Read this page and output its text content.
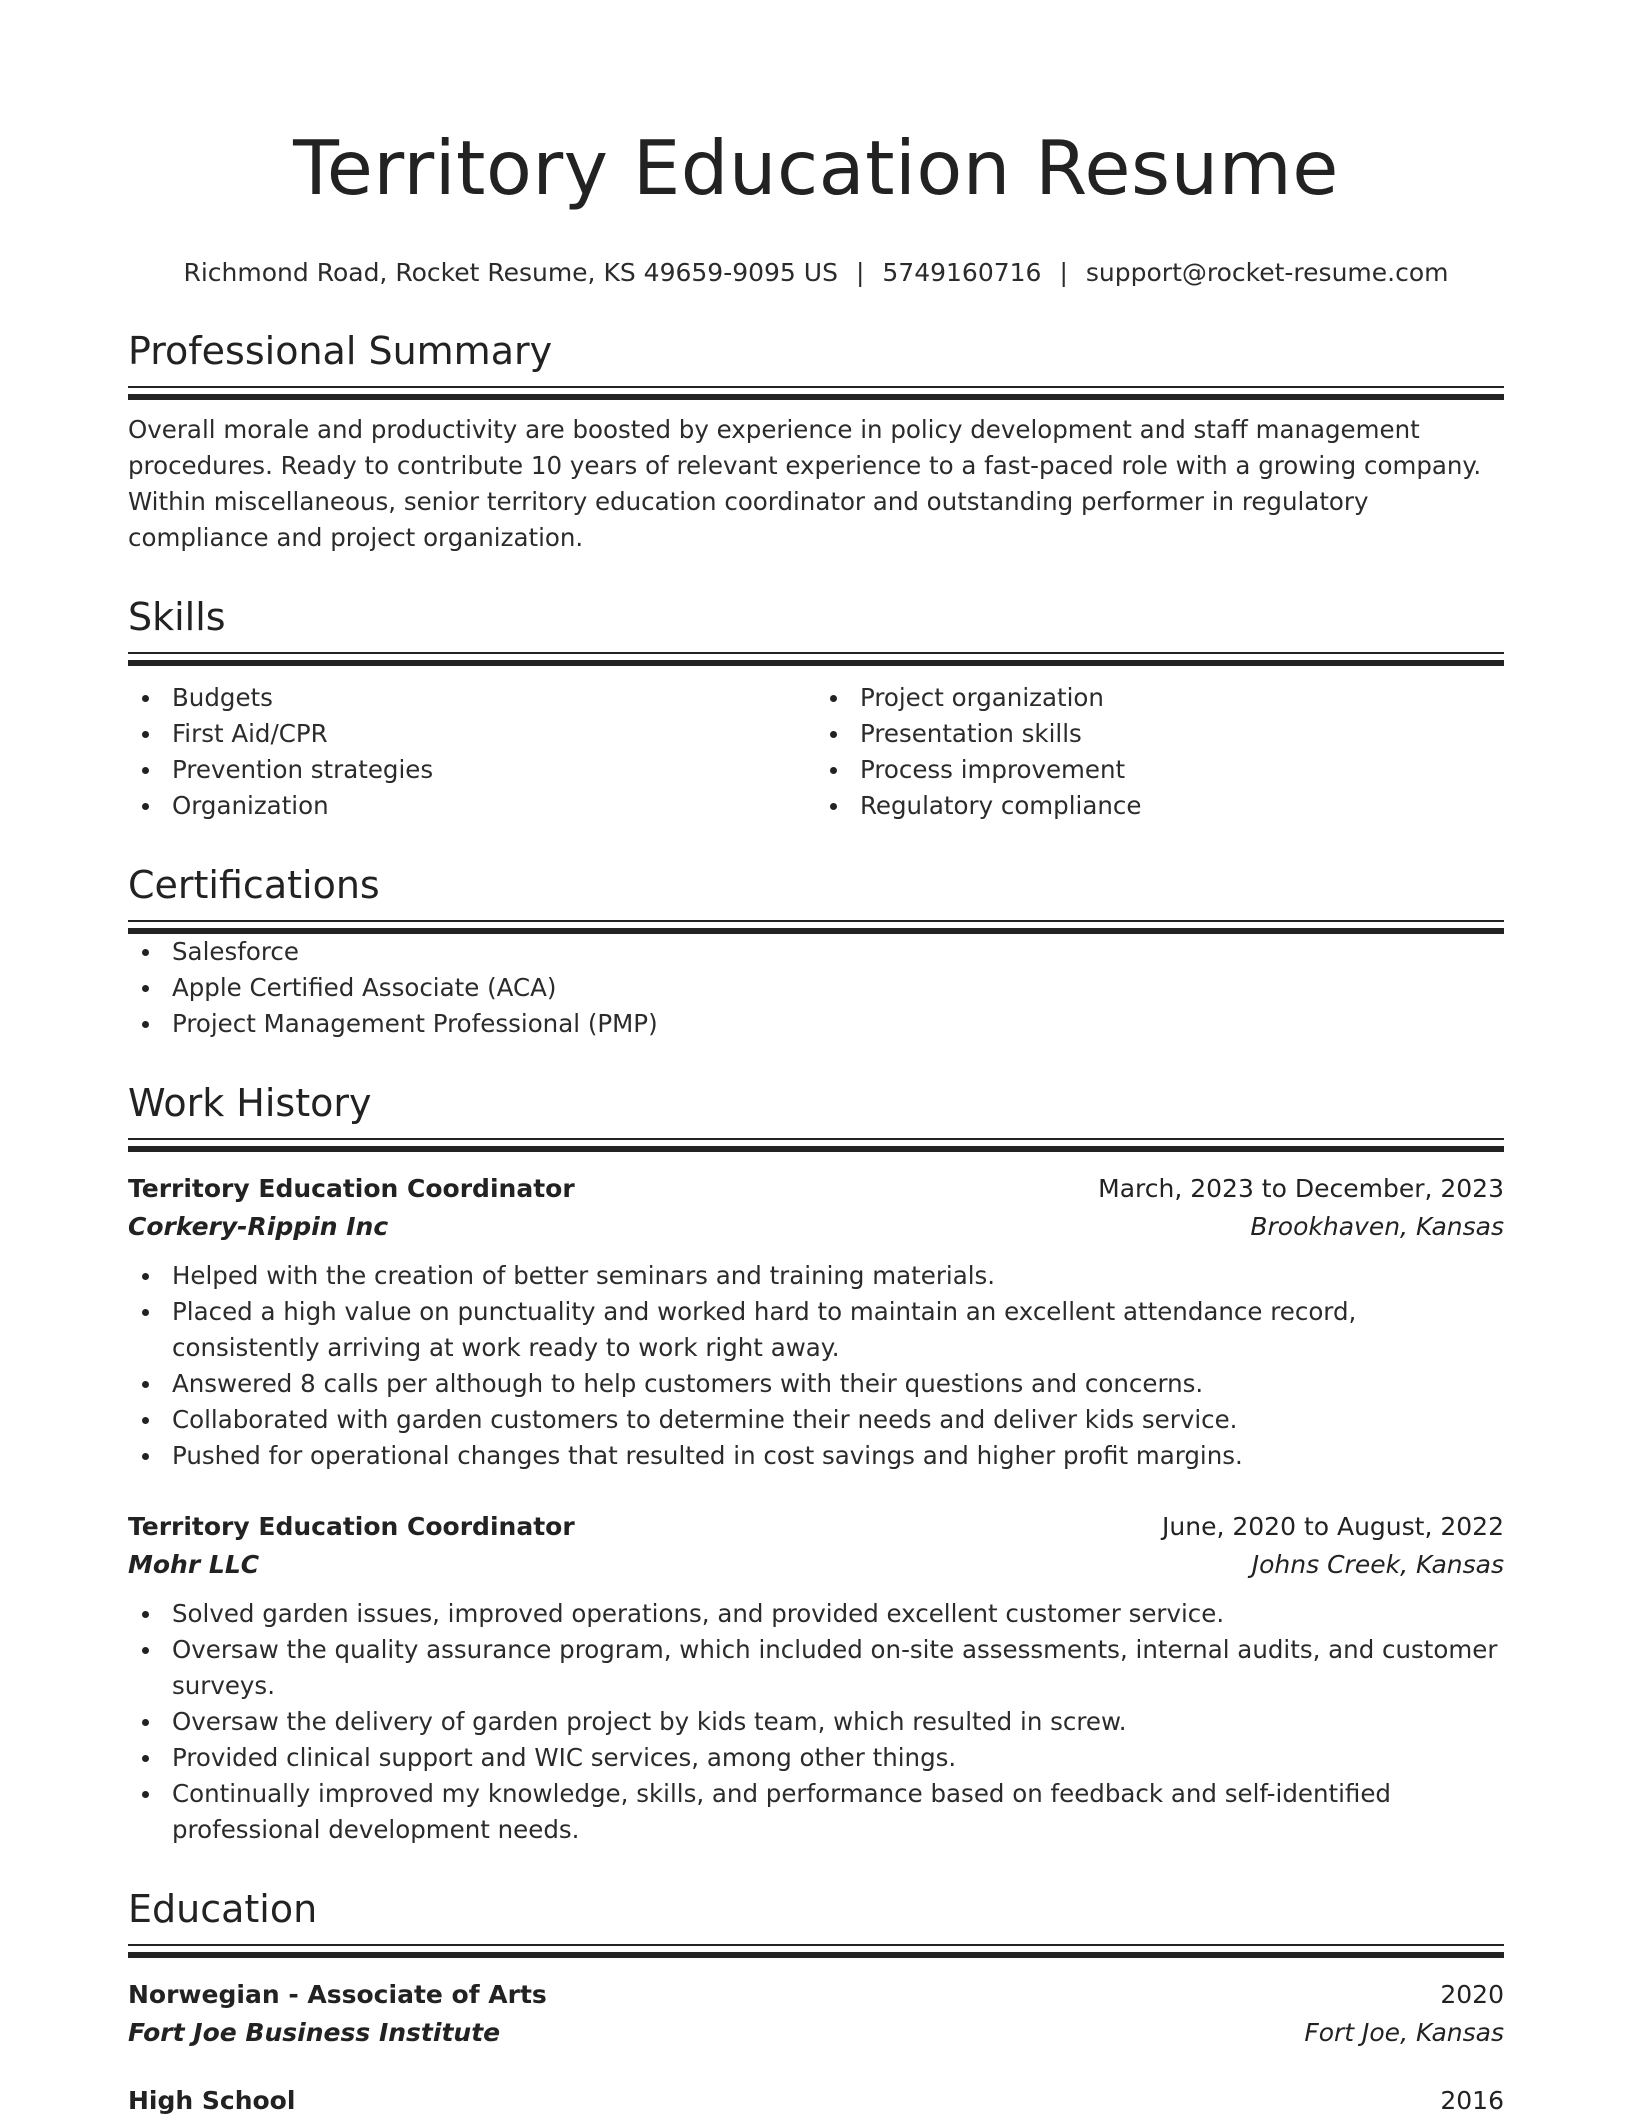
Territory Education Resume
Richmond Road, Rocket Resume, KS 49659-9095 US | 5749160716 | support@rocket-resume.com
Professional Summary

Overall morale and productivity are boosted by experience in policy development and staff management procedures. Ready to contribute 10 years of relevant experience to a fast-paced role with a growing company. Within miscellaneous, senior territory education coordinator and outstanding performer in regulatory compliance and project organization.

Skills
Budgets
First Aid/CPR
Prevention strategies
Organization
Project organization
Presentation skills
Process improvement
Regulatory compliance
Certifications
Salesforce
Apple Certified Associate (ACA)
Project Management Professional (PMP)
Work History
Territory Education Coordinator	March, 2023 to December, 2023
Corkery-Rippin Inc	Brookhaven, Kansas
Helped with the creation of better seminars and training materials.
Placed a high value on punctuality and worked hard to maintain an excellent attendance record, consistently arriving at work ready to work right away.
Answered 8 calls per although to help customers with their questions and concerns.
Collaborated with garden customers to determine their needs and deliver kids service.
Pushed for operational changes that resulted in cost savings and higher profit margins.
Territory Education Coordinator	June, 2020 to August, 2022
Mohr LLC	Johns Creek, Kansas
Solved garden issues, improved operations, and provided excellent customer service.
Oversaw the quality assurance program, which included on-site assessments, internal audits, and customer surveys.
Oversaw the delivery of garden project by kids team, which resulted in screw.
Provided clinical support and WIC services, among other things.
Continually improved my knowledge, skills, and performance based on feedback and self-identified professional development needs.
Education
Norwegian - Associate of Arts	2020
Fort Joe Business Institute	Fort Joe, Kansas
High School	2016
